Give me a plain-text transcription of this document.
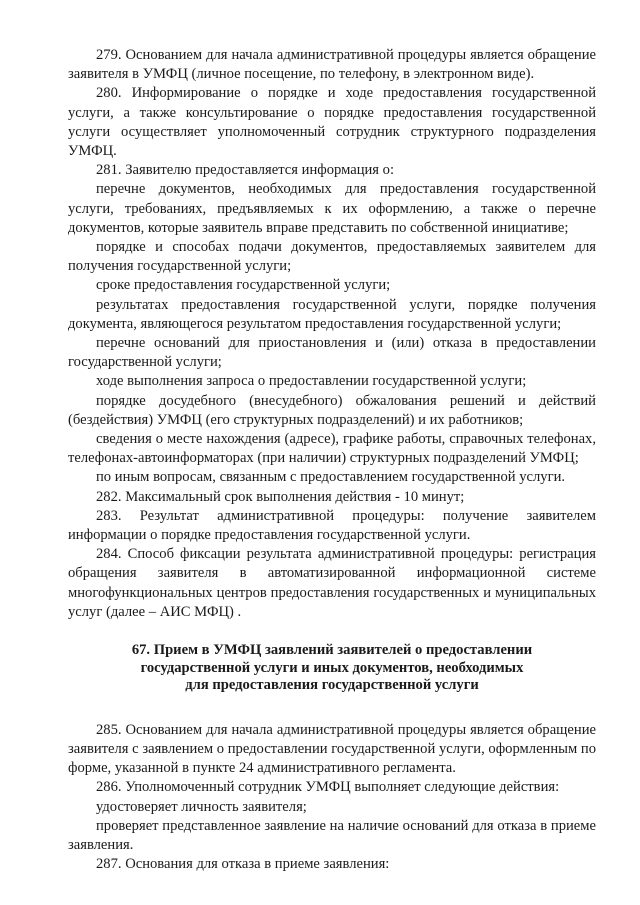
279. Основанием для начала административной процедуры является обращение заявителя в УМФЦ (личное посещение, по телефону, в электронном виде).

280. Информирование о порядке и ходе предоставления государственной услуги, а также консультирование о порядке предоставления государственной услуги осуществляет уполномоченный сотрудник структурного подразделения УМФЦ.

281. Заявителю предоставляется информация о:

перечне документов, необходимых для предоставления государственной услуги, требованиях, предъявляемых к их оформлению, а также о перечне документов, которые заявитель вправе представить по собственной инициативе;

порядке и способах подачи документов, предоставляемых заявителем для получения государственной услуги;

сроке предоставления государственной услуги;

результатах предоставления государственной услуги, порядке получения документа, являющегося результатом предоставления государственной услуги;

перечне оснований для приостановления и (или) отказа в предоставлении государственной услуги;

ходе выполнения запроса о предоставлении государственной услуги;

порядке досудебного (внесудебного) обжалования решений и действий (бездействия) УМФЦ (его структурных подразделений) и их работников;

сведения о месте нахождения (адресе), графике работы, справочных телефонах, телефонах-автоинформаторах (при наличии) структурных подразделений УМФЦ;

по иным вопросам, связанным с предоставлением государственной услуги.

282. Максимальный срок выполнения действия - 10 минут;

283. Результат административной процедуры: получение заявителем информации о порядке предоставления государственной услуги.

284. Способ фиксации результата административной процедуры: регистрация обращения заявителя в автоматизированной информационной системе многофункциональных центров предоставления государственных и муниципальных услуг (далее – АИС МФЦ) .

67. Прием в УМФЦ заявлений заявителей о предоставлении
государственной услуги и иных документов, необходимых
для предоставления государственной услуги

285. Основанием для начала административной процедуры является обращение заявителя с заявлением о предоставлении государственной услуги, оформленным по форме, указанной в пункте 24 административного регламента.

286. Уполномоченный сотрудник УМФЦ выполняет следующие действия:

удостоверяет личность заявителя;

проверяет представленное заявление на наличие оснований для отказа в приеме заявления.

287. Основания для отказа в приеме заявления:
